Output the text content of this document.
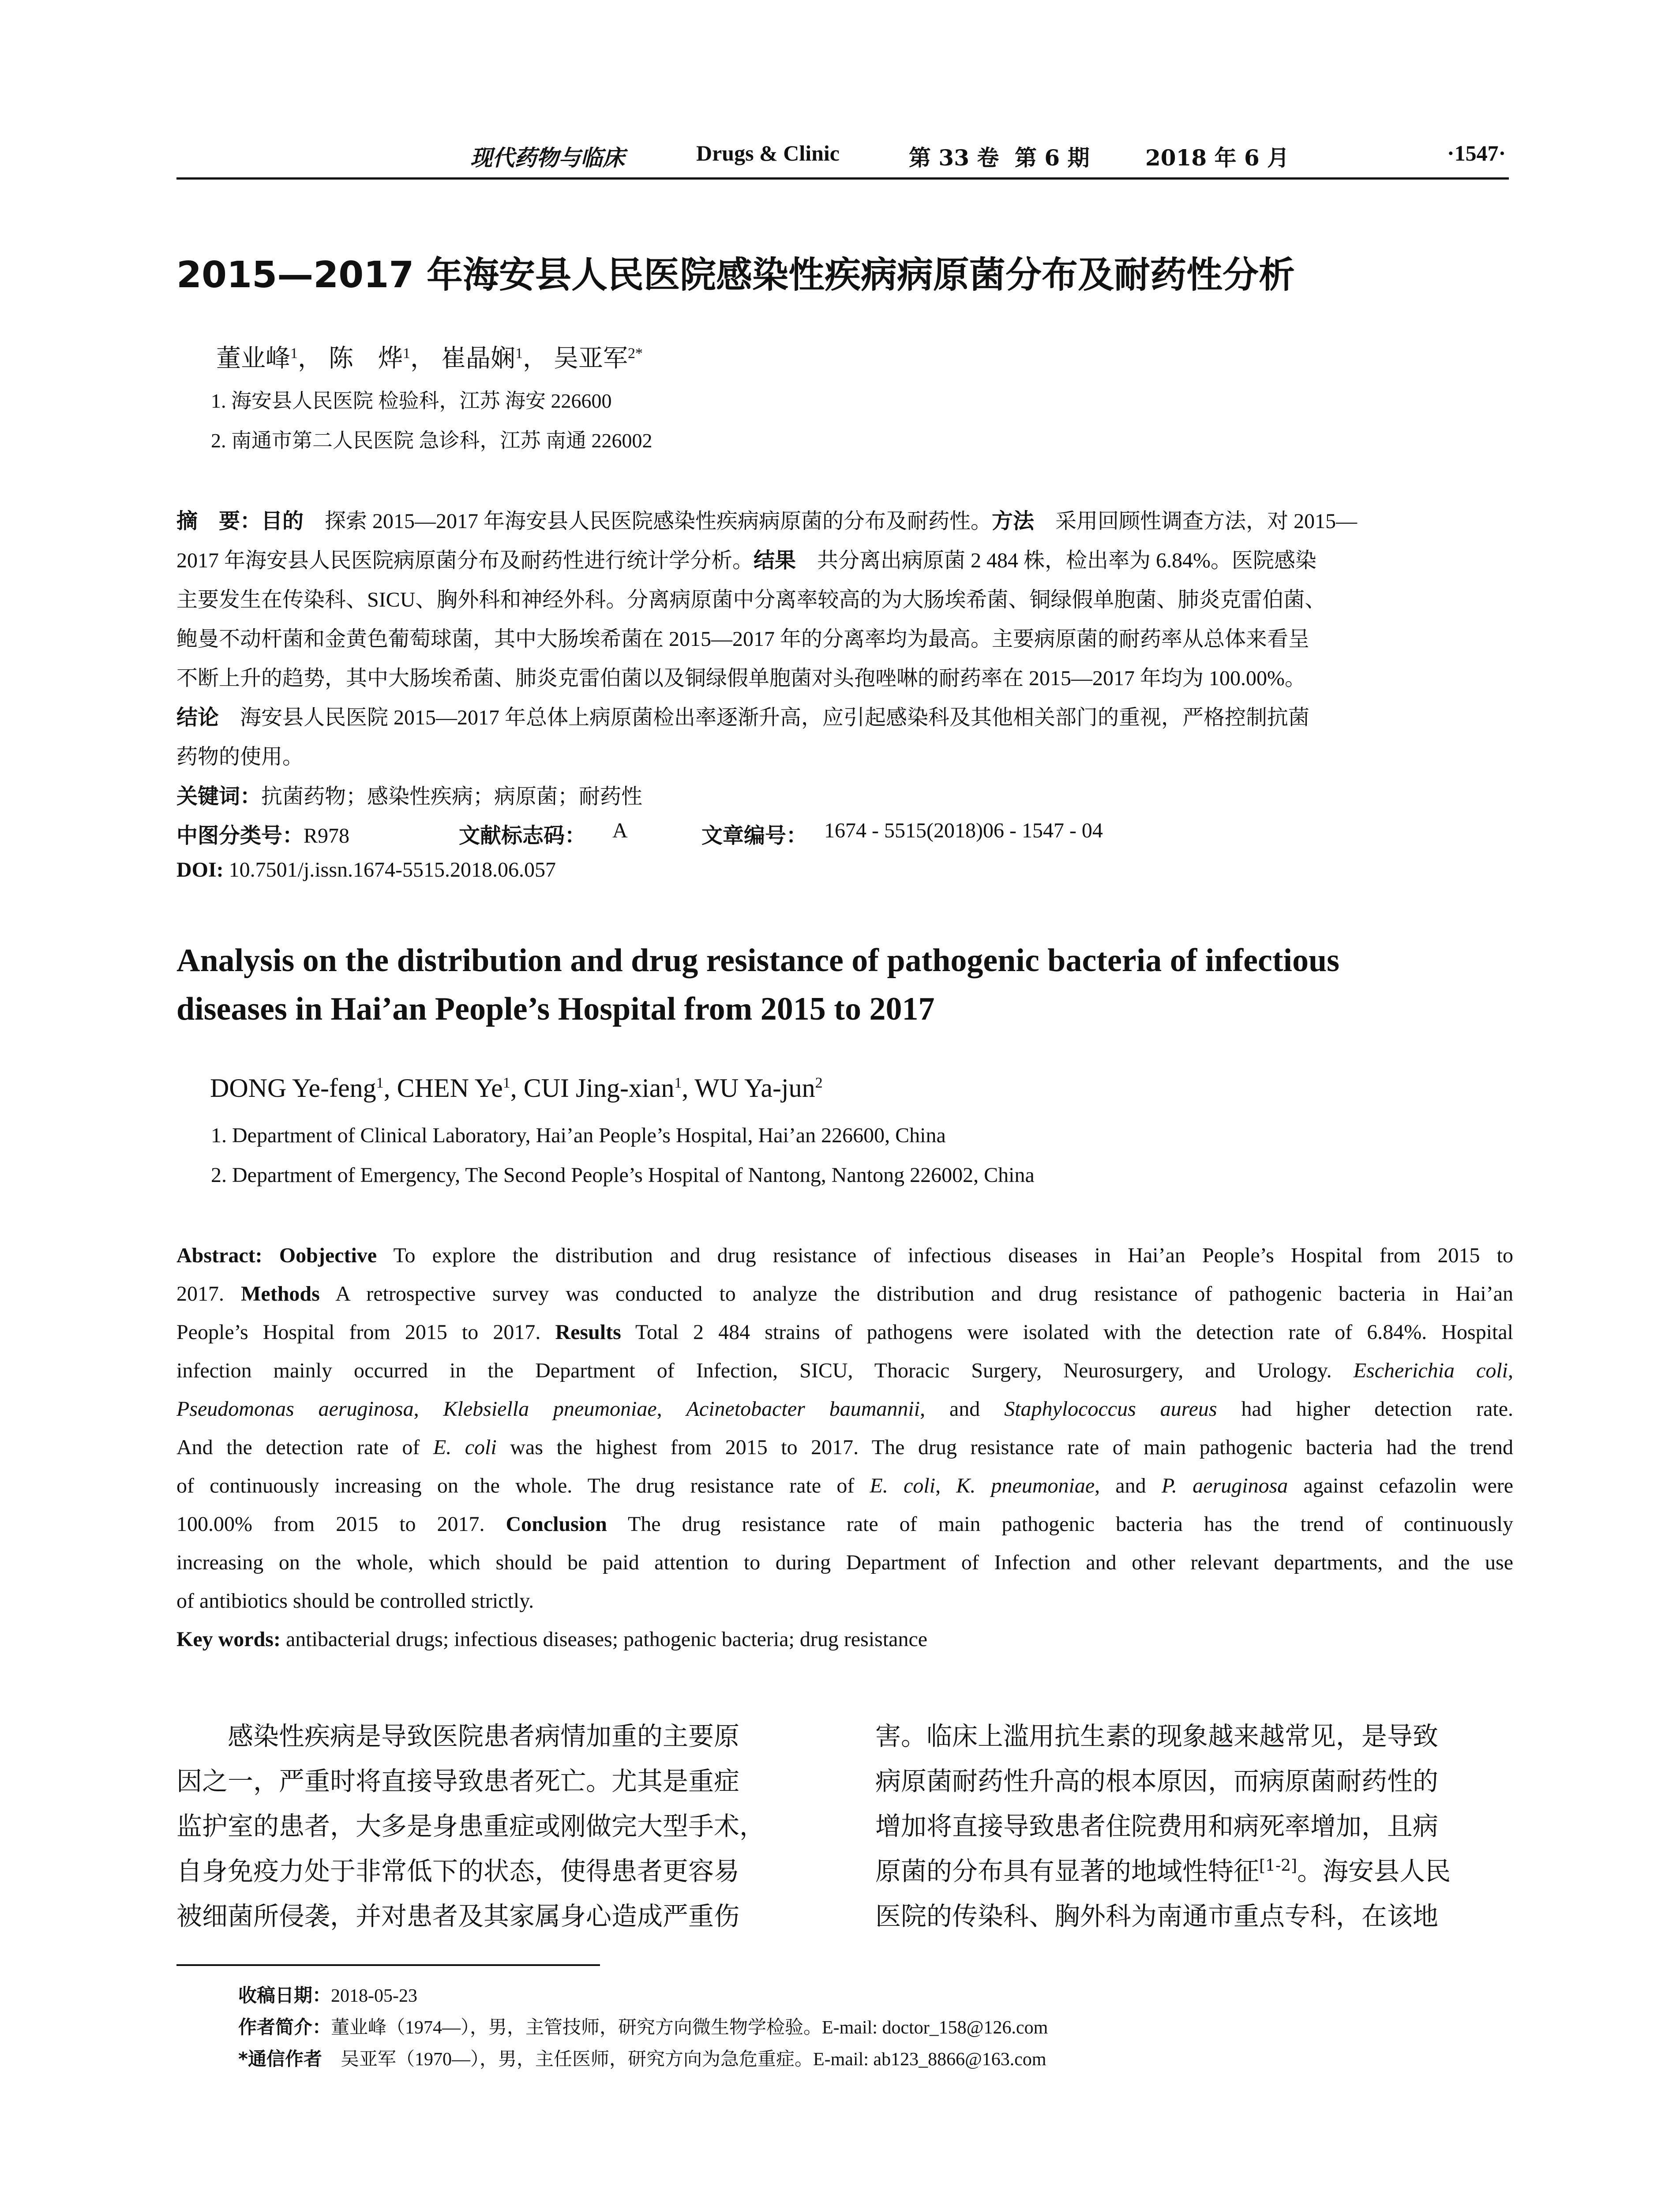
现代药物与临床	Drugs & Clinic	第 33 卷 第 6 期	2018 年 6 月	·1547·
2015—2017 年海安县人民医院感染性疾病病原菌分布及耐药性分析
董业峰$^1$， 陈　烨$^1$， 崔晶娴$^1$， 吴亚军$^{2*}$
1. 海安县人民医院 检验科，江苏 海安 226600
2. 南通市第二人民医院 急诊科，江苏 南通 226002
摘　要：目的　探索 2015—2017 年海安县人民医院感染性疾病病原菌的分布及耐药性。方法　采用回顾性调查方法，对 2015—
2017 年海安县人民医院病原菌分布及耐药性进行统计学分析。结果　共分离出病原菌 2 484 株，检出率为 6.84%。医院感染
主要发生在传染科、SICU、胸外科和神经外科。分离病原菌中分离率较高的为大肠埃希菌、铜绿假单胞菌、肺炎克雷伯菌、
鲍曼不动杆菌和金黄色葡萄球菌，其中大肠埃希菌在 2015—2017 年的分离率均为最高。主要病原菌的耐药率从总体来看呈
不断上升的趋势，其中大肠埃希菌、肺炎克雷伯菌以及铜绿假单胞菌对头孢唑啉的耐药率在 2015—2017 年均为 100.00%。
结论　海安县人民医院 2015—2017 年总体上病原菌检出率逐渐升高，应引起感染科及其他相关部门的重视，严格控制抗菌
药物的使用。
关键词：抗菌药物；感染性疾病；病原菌；耐药性
中图分类号：R978	文献标志码： A	文章编号： 1674 - 5515(2018)06 - 1547 - 04
DOI: 10.7501/j.issn.1674-5515.2018.06.057
Analysis on the distribution and drug resistance of pathogenic bacteria of infectious
diseases in Hai’an People’s Hospital from 2015 to 2017
DONG Ye-feng$^1$, CHEN Ye$^1$, CUI Jing-xian$^1$, WU Ya-jun$^2$
1. Department of Clinical Laboratory, Hai’an People’s Hospital, Hai’an 226600, China
2. Department of Emergency, The Second People’s Hospital of Nantong, Nantong 226002, China
Abstract: Oobjective To explore the distribution and drug resistance of infectious diseases in Hai’an People’s Hospital from 2015 to
2017. Methods A retrospective survey was conducted to analyze the distribution and drug resistance of pathogenic bacteria in Hai’an
People’s Hospital from 2015 to 2017. Results Total 2 484 strains of pathogens were isolated with the detection rate of 6.84%. Hospital
infection mainly occurred in the Department of Infection, SICU, Thoracic Surgery, Neurosurgery, and Urology. Escherichia coli,
Pseudomonas aeruginosa, Klebsiella pneumoniae, Acinetobacter baumannii, and Staphylococcus aureus had higher detection rate.
And the detection rate of E. coli was the highest from 2015 to 2017. The drug resistance rate of main pathogenic bacteria had the trend
of continuously increasing on the whole. The drug resistance rate of E. coli, K. pneumoniae, and P. aeruginosa against cefazolin were
100.00% from 2015 to 2017. Conclusion The drug resistance rate of main pathogenic bacteria has the trend of continuously
increasing on the whole, which should be paid attention to during Department of Infection and other relevant departments, and the use
of antibiotics should be controlled strictly.
Key words: antibacterial drugs; infectious diseases; pathogenic bacteria; drug resistance
　　感染性疾病是导致医院患者病情加重的主要原
因之一，严重时将直接导致患者死亡。尤其是重症
监护室的患者，大多是身患重症或刚做完大型手术，
自身免疫力处于非常低下的状态，使得患者更容易
被细菌所侵袭，并对患者及其家属身心造成严重伤
害。临床上滥用抗生素的现象越来越常见，是导致
病原菌耐药性升高的根本原因，而病原菌耐药性的
增加将直接导致患者住院费用和病死率增加，且病
原菌的分布具有显著的地域性特征[1-2]。海安县人民
医院的传染科、胸外科为南通市重点专科，在该地
收稿日期：2018-05-23
作者简介：董业峰（1974—），男，主管技师，研究方向微生物学检验。E-mail: doctor_158@126.com
*通信作者　吴亚军（1970—），男，主任医师，研究方向为急危重症。E-mail: ab123_8866@163.com
